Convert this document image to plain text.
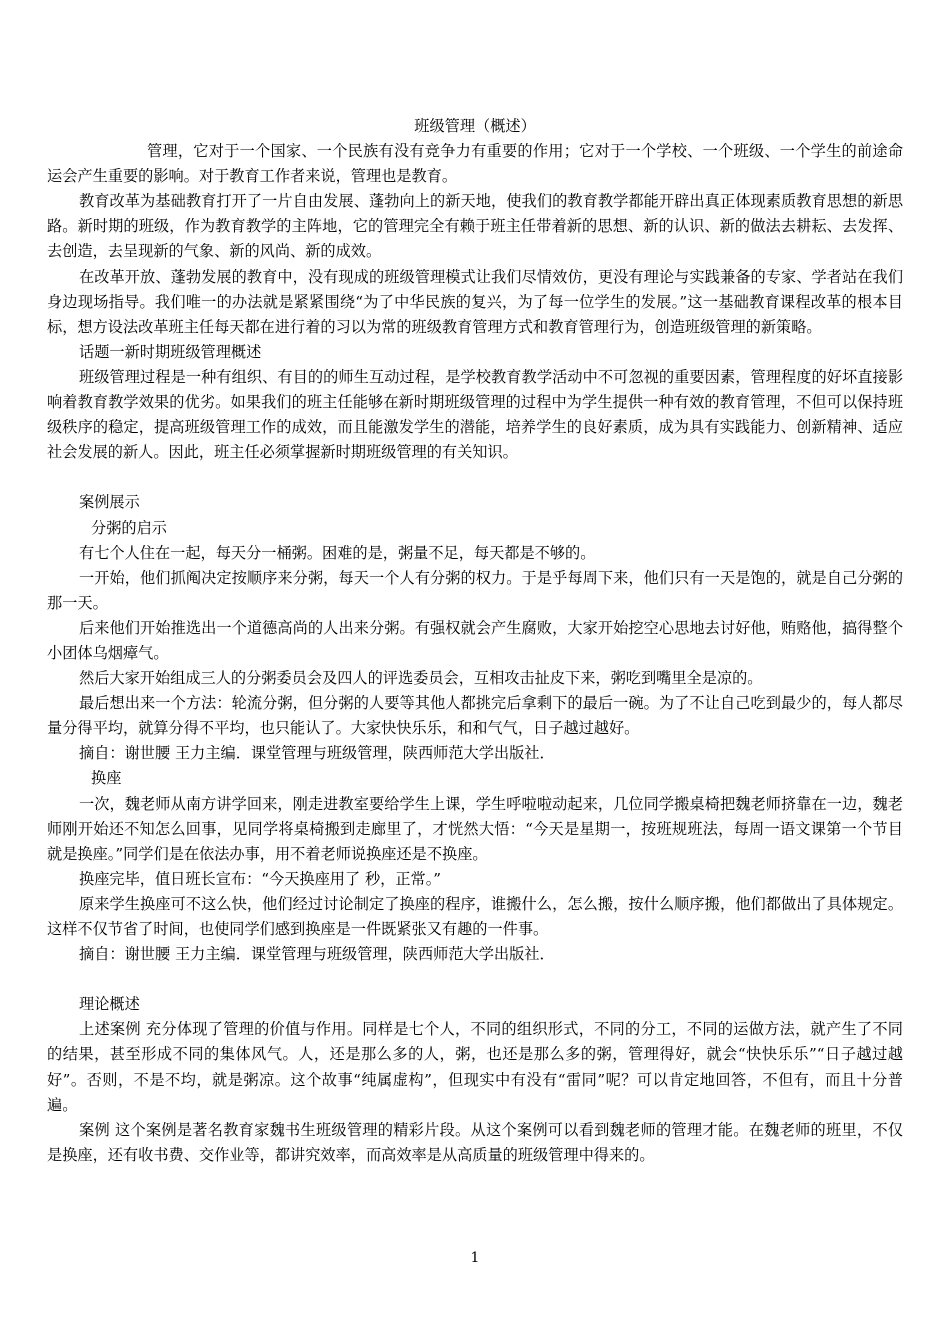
班级管理（概述）

管理，它对于一个国家、一个民族有没有竞争力有重要的作用；它对于一个学校、一个班级、一个学生的前途命运会产生重要的影响。对于教育工作者来说，管理也是教育。

教育改革为基础教育打开了一片自由发展、蓬勃向上的新天地，使我们的教育教学都能开辟出真正体现素质教育思想的新思路。新时期的班级，作为教育教学的主阵地，它的管理完全有赖于班主任带着新的思想、新的认识、新的做法去耕耘、去发挥、去创造，去呈现新的气象、新的风尚、新的成效。

在改革开放、蓬勃发展的教育中，没有现成的班级管理模式让我们尽情效仿，更没有理论与实践兼备的专家、学者站在我们身边现场指导。我们唯一的办法就是紧紧围绕“为了中华民族的复兴，为了每一位学生的发展。”这一基础教育课程改革的根本目标，想方设法改革班主任每天都在进行着的习以为常的班级教育管理方式和教育管理行为，创造班级管理的新策略。

话题一新时期班级管理概述

班级管理过程是一种有组织、有目的的师生互动过程，是学校教育教学活动中不可忽视的重要因素，管理程度的好坏直接影响着教育教学效果的优劣。如果我们的班主任能够在新时期班级管理的过程中为学生提供一种有效的教育管理，不但可以保持班级秩序的稳定，提高班级管理工作的成效，而且能激发学生的潜能，培养学生的良好素质，成为具有实践能力、创新精神、适应社会发展的新人。因此，班主任必须掌握新时期班级管理的有关知识。

案例展示

分粥的启示

有七个人住在一起，每天分一桶粥。困难的是，粥量不足，每天都是不够的。

一开始，他们抓阄决定按顺序来分粥，每天一个人有分粥的权力。于是乎每周下来，他们只有一天是饱的，就是自己分粥的那一天。

后来他们开始推选出一个道德高尚的人出来分粥。有强权就会产生腐败，大家开始挖空心思地去讨好他，贿赂他，搞得整个小团体乌烟瘴气。

然后大家开始组成三人的分粥委员会及四人的评选委员会，互相攻击扯皮下来，粥吃到嘴里全是凉的。

最后想出来一个方法：轮流分粥，但分粥的人要等其他人都挑完后拿剩下的最后一碗。为了不让自己吃到最少的，每人都尽量分得平均，就算分得不平均，也只能认了。大家快快乐乐，和和气气，日子越过越好。

摘自：谢世腰 王力主编．课堂管理与班级管理，陕西师范大学出版社．

换座

一次，魏老师从南方讲学回来，刚走进教室要给学生上课，学生呼啦啦动起来，几位同学搬桌椅把魏老师挤靠在一边，魏老师刚开始还不知怎么回事，见同学将桌椅搬到走廊里了，才恍然大悟：“今天是星期一，按班规班法，每周一语文课第一个节目就是换座。”同学们是在依法办事，用不着老师说换座还是不换座。

换座完毕，值日班长宣布：“今天换座用了 秒，正常。”

原来学生换座可不这么快，他们经过讨论制定了换座的程序，谁搬什么，怎么搬，按什么顺序搬，他们都做出了具体规定。这样不仅节省了时间，也使同学们感到换座是一件既紧张又有趣的一件事。

摘自：谢世腰 王力主编．课堂管理与班级管理，陕西师范大学出版社．

理论概述

上述案例 充分体现了管理的价值与作用。同样是七个人，不同的组织形式，不同的分工，不同的运做方法，就产生了不同的结果，甚至形成不同的集体风气。人，还是那么多的人，粥，也还是那么多的粥，管理得好，就会“快快乐乐”“日子越过越好”。否则，不是不均，就是粥凉。这个故事“纯属虚构”，但现实中有没有“雷同”呢？可以肯定地回答，不但有，而且十分普遍。

案例 这个案例是著名教育家魏书生班级管理的精彩片段。从这个案例可以看到魏老师的管理才能。在魏老师的班里，不仅是换座，还有收书费、交作业等，都讲究效率，而高效率是从高质量的班级管理中得来的。

1
